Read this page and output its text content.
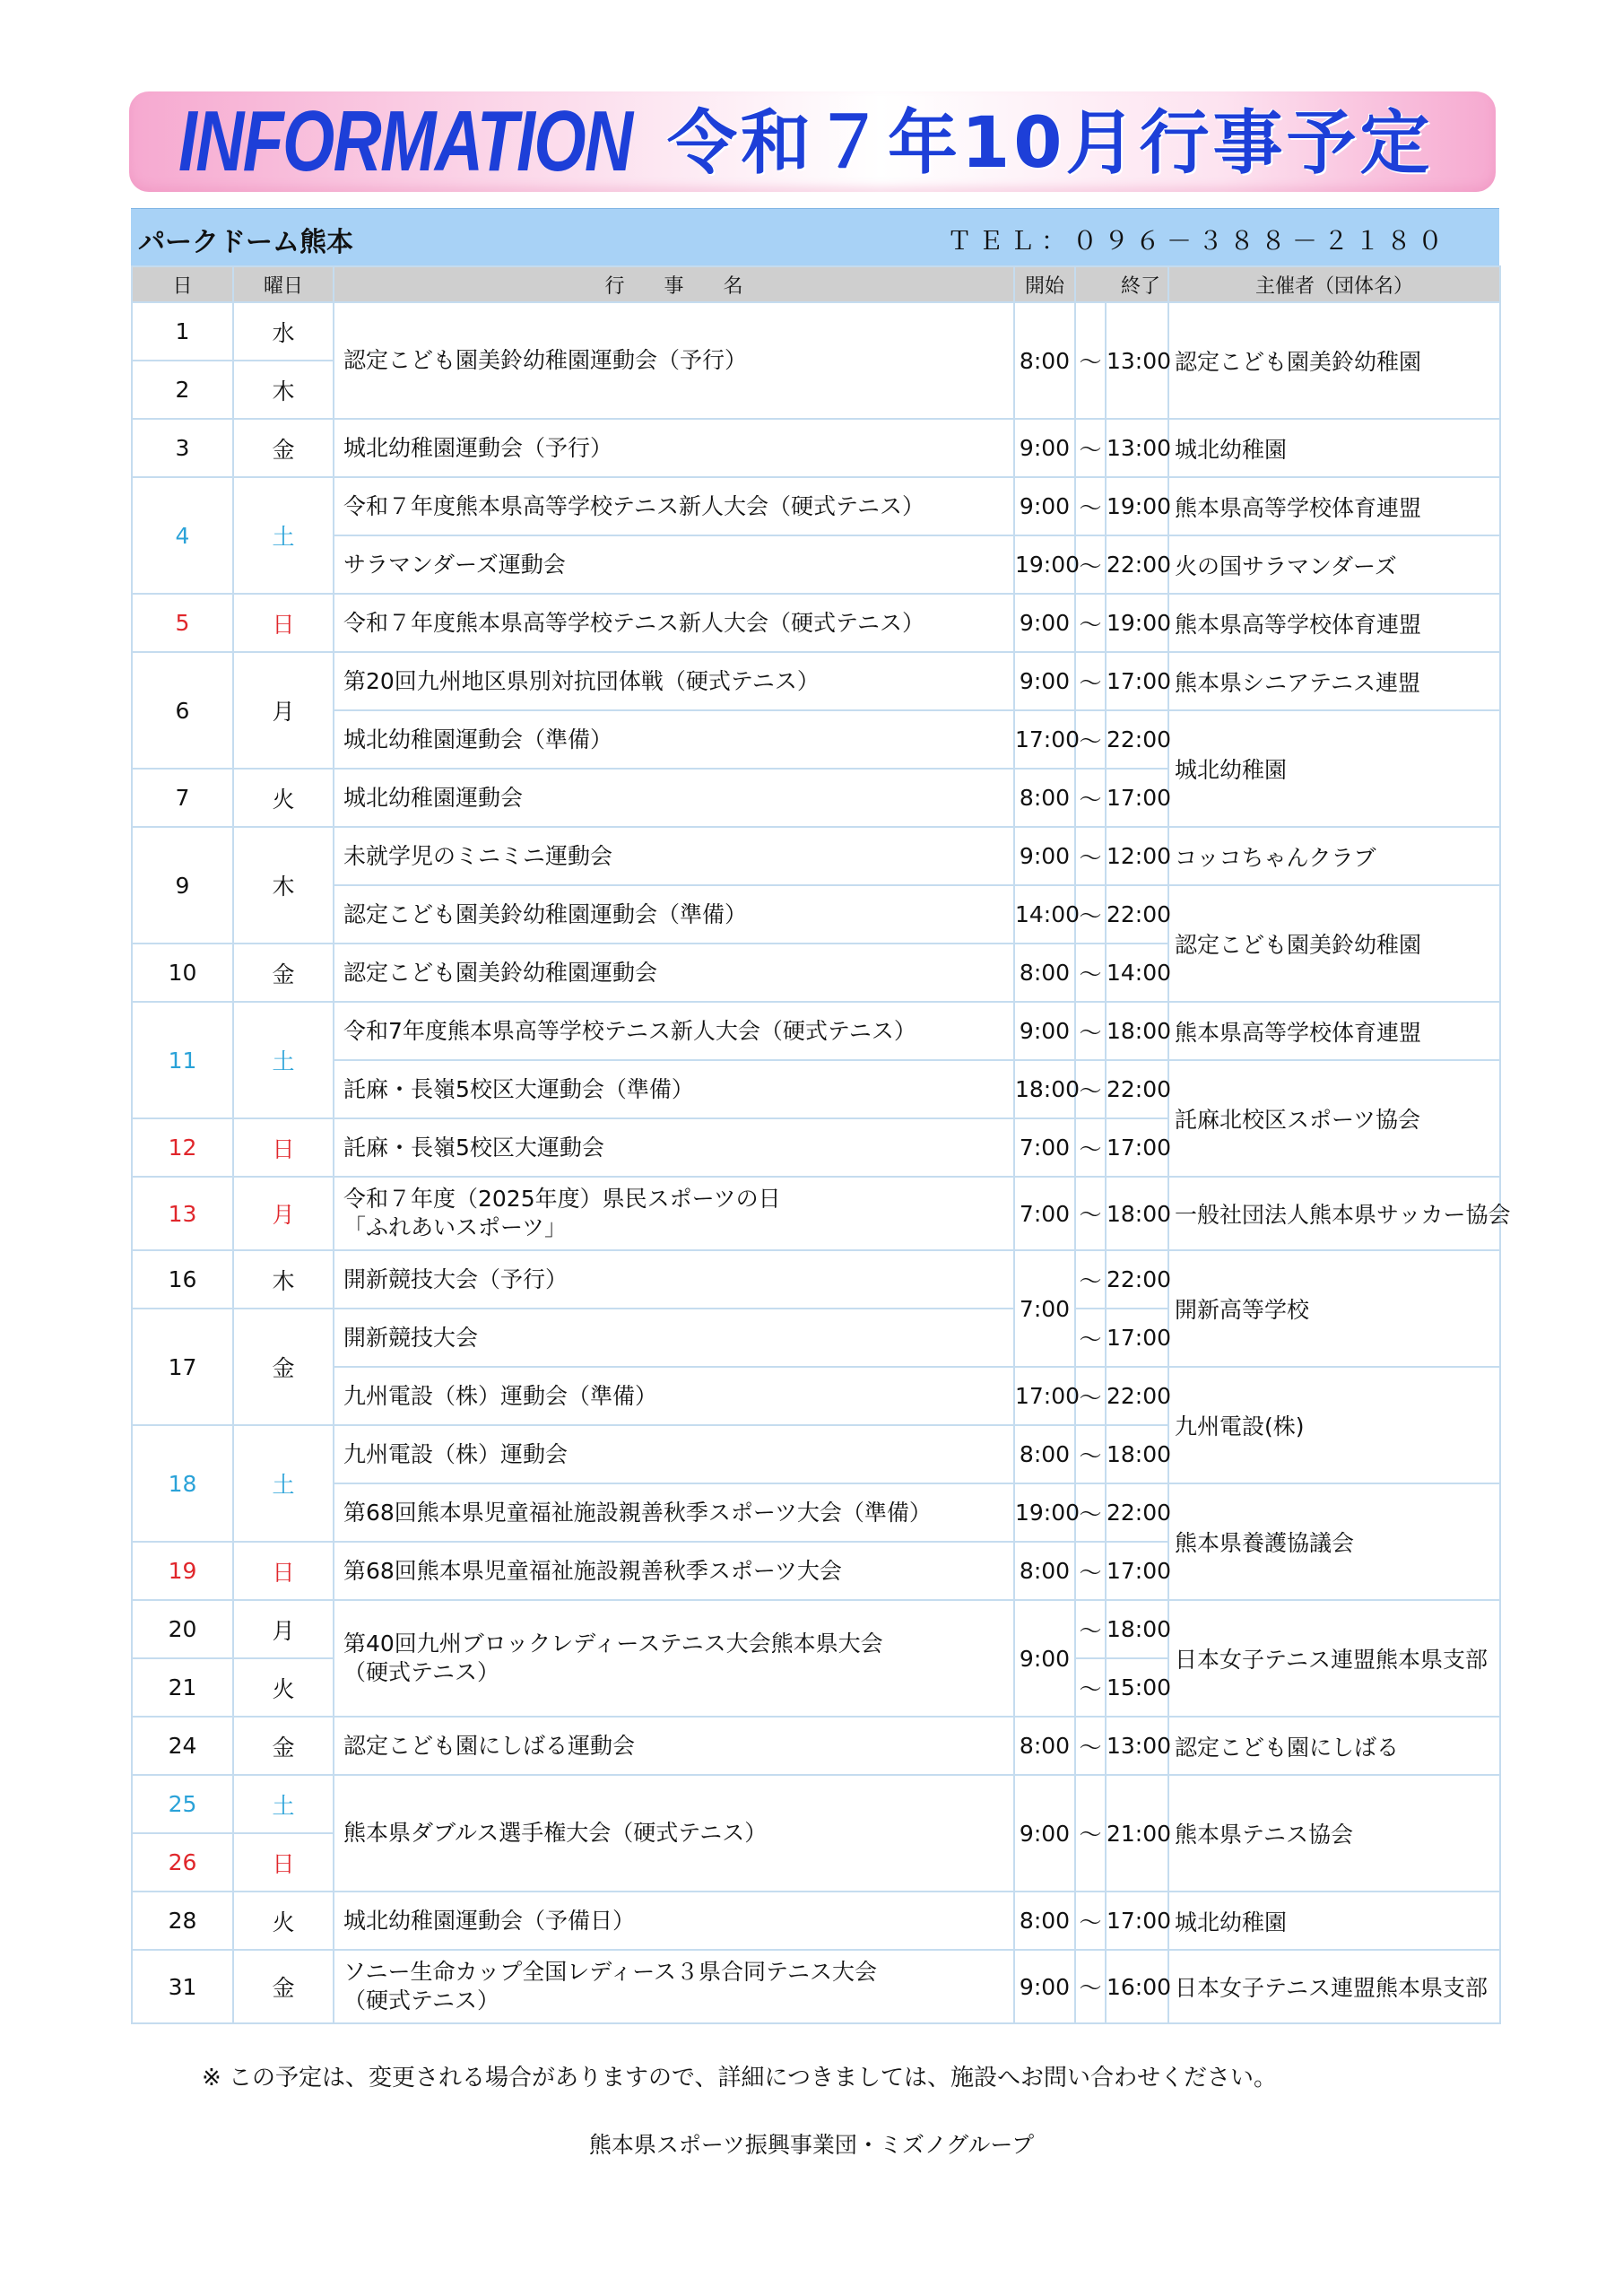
INFORMATION 令和７年10月行事予定
パークドーム熊本	ＴＥＬ：０９６－３８８－２１８０
日	曜日	行　　事　　名	開始	終了		主催者（団体名）
1	水	認定こども園美鈴幼稚園運動会（予行）	8:00	～	13:00	認定こども園美鈴幼稚園
2	木					
3	金	城北幼稚園運動会（予行）	9:00	～	13:00	城北幼稚園
4	土	令和７年度熊本県高等学校テニス新人大会（硬式テニス）	9:00	～	19:00	熊本県高等学校体育連盟
		サラマンダーズ運動会	19:00	～	22:00	火の国サラマンダーズ
5	日	令和７年度熊本県高等学校テニス新人大会（硬式テニス）	9:00	～	19:00	熊本県高等学校体育連盟
6	月	第20回九州地区県別対抗団体戦（硬式テニス）	9:00	～	17:00	熊本県シニアテニス連盟
		城北幼稚園運動会（準備）	17:00	～	22:00	城北幼稚園
7	火	城北幼稚園運動会	8:00	～	17:00	
9	木	未就学児のミニミニ運動会	9:00	～	12:00	コッコちゃんクラブ
		認定こども園美鈴幼稚園運動会（準備）	14:00	～	22:00	認定こども園美鈴幼稚園
10	金	認定こども園美鈴幼稚園運動会	8:00	～	14:00	
11	土	令和7年度熊本県高等学校テニス新人大会（硬式テニス）	9:00	～	18:00	熊本県高等学校体育連盟
		託麻・長嶺5校区大運動会（準備）	18:00	～	22:00	託麻北校区スポーツ協会
12	日	託麻・長嶺5校区大運動会	7:00	～	17:00	
13	月	令和７年度（2025年度）県民スポーツの日
「ふれあいスポーツ」	7:00	～	18:00	一般社団法人熊本県サッカー協会
16	木	開新競技大会（予行）	7:00	～	22:00	開新高等学校
17	金	開新競技大会		～	17:00	
		九州電設（株）運動会（準備）	17:00	～	22:00	九州電設(株)
18	土	九州電設（株）運動会	8:00	～	18:00	
		第68回熊本県児童福祉施設親善秋季スポーツ大会（準備）	19:00	～	22:00	熊本県養護協議会
19	日	第68回熊本県児童福祉施設親善秋季スポーツ大会	8:00	～	17:00	
20	月	第40回九州ブロックレディーステニス大会熊本県大会
（硬式テニス）	9:00	～	18:00	日本女子テニス連盟熊本県支部
21	火			～	15:00	
24	金	認定こども園にしばる運動会	8:00	～	13:00	認定こども園にしばる
25	土	熊本県ダブルス選手権大会（硬式テニス）	9:00	～	21:00	熊本県テニス協会
26	日					
28	火	城北幼稚園運動会（予備日）	8:00	～	17:00	城北幼稚園
31	金	ソニー生命カップ全国レディース３県合同テニス大会
（硬式テニス）	9:00	～	16:00	日本女子テニス連盟熊本県支部
※ この予定は、変更される場合がありますので、詳細につきましては、施設へお問い合わせください。
熊本県スポーツ振興事業団・ミズノグループ
